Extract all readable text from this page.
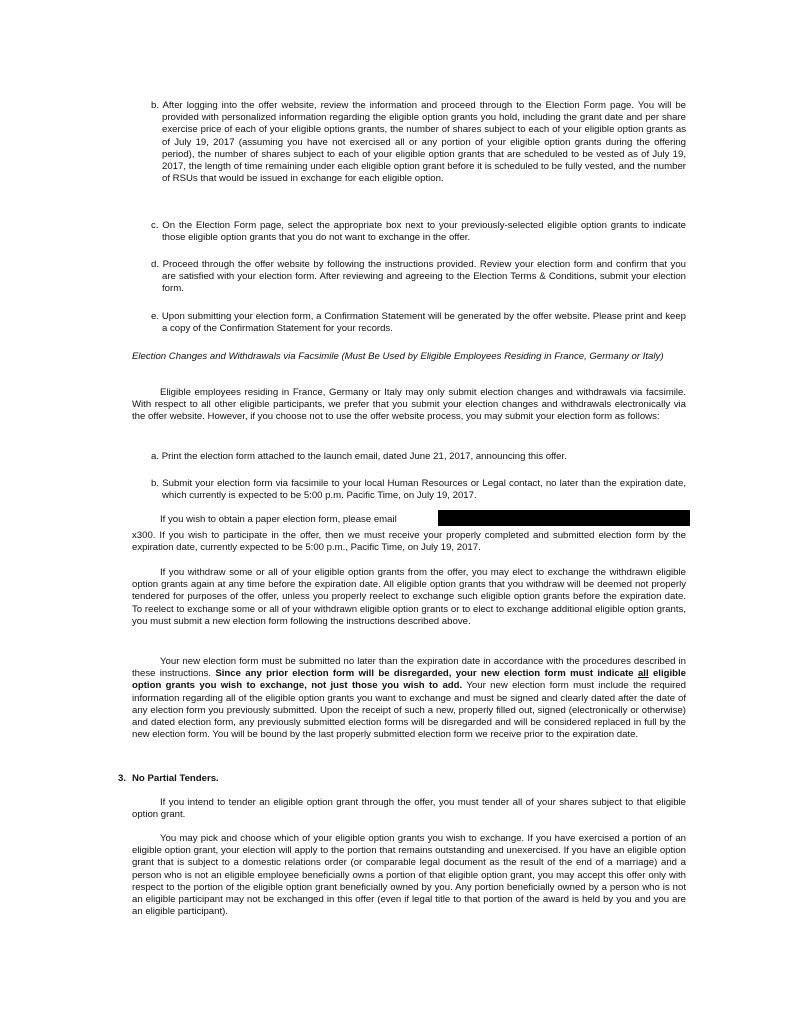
b. After logging into the offer website, review the information and proceed through to the Election Form page. You will be provided with personalized information regarding the eligible option grants you hold, including the grant date and per share exercise price of each of your eligible options grants, the number of shares subject to each of your eligible option grants as of July 19, 2017 (assuming you have not exercised all or any portion of your eligible option grants during the offering period), the number of shares subject to each of your eligible option grants that are scheduled to be vested as of July 19, 2017, the length of time remaining under each eligible option grant before it is scheduled to be fully vested, and the number of RSUs that would be issued in exchange for each eligible option.

c. On the Election Form page, select the appropriate box next to your previously-selected eligible option grants to indicate those eligible option grants that you do not want to exchange in the offer.

d. Proceed through the offer website by following the instructions provided. Review your election form and confirm that you are satisfied with your election form. After reviewing and agreeing to the Election Terms & Conditions, submit your election form.

e. Upon submitting your election form, a Confirmation Statement will be generated by the offer website. Please print and keep a copy of the Confirmation Statement for your records.

Election Changes and Withdrawals via Facsimile (Must Be Used by Eligible Employees Residing in France, Germany or Italy)

Eligible employees residing in France, Germany or Italy may only submit election changes and withdrawals via facsimile. With respect to all other eligible participants, we prefer that you submit your election changes and withdrawals electronically via the offer website. However, if you choose not to use the offer website process, you may submit your election form as follows:

a. Print the election form attached to the launch email, dated June 21, 2017, announcing this offer.

b. Submit your election form via facsimile to your local Human Resources or Legal contact, no later than the expiration date, which currently is expected to be 5:00 p.m. Pacific Time, on July 19, 2017.

If you wish to obtain a paper election form, please email

x300. If you wish to participate in the offer, then we must receive your properly completed and submitted election form by the expiration date, currently expected to be 5:00 p.m., Pacific Time, on July 19, 2017.

If you withdraw some or all of your eligible option grants from the offer, you may elect to exchange the withdrawn eligible option grants again at any time before the expiration date. All eligible option grants that you withdraw will be deemed not properly tendered for purposes of the offer, unless you properly reelect to exchange such eligible option grants before the expiration date. To reelect to exchange some or all of your withdrawn eligible option grants or to elect to exchange additional eligible option grants, you must submit a new election form following the instructions described above.

Your new election form must be submitted no later than the expiration date in accordance with the procedures described in these instructions. Since any prior election form will be disregarded, your new election form must indicate all eligible option grants you wish to exchange, not just those you wish to add. Your new election form must include the required information regarding all of the eligible option grants you want to exchange and must be signed and clearly dated after the date of any election form you previously submitted. Upon the receipt of such a new, properly filled out, signed (electronically or otherwise) and dated election form, any previously submitted election forms will be disregarded and will be considered replaced in full by the new election form. You will be bound by the last properly submitted election form we receive prior to the expiration date.

3. No Partial Tenders.

If you intend to tender an eligible option grant through the offer, you must tender all of your shares subject to that eligible option grant.

You may pick and choose which of your eligible option grants you wish to exchange. If you have exercised a portion of an eligible option grant, your election will apply to the portion that remains outstanding and unexercised. If you have an eligible option grant that is subject to a domestic relations order (or comparable legal document as the result of the end of a marriage) and a person who is not an eligible employee beneficially owns a portion of that eligible option grant, you may accept this offer only with respect to the portion of the eligible option grant beneficially owned by you. Any portion beneficially owned by a person who is not an eligible participant may not be exchanged in this offer (even if legal title to that portion of the award is held by you and you are an eligible participant).
